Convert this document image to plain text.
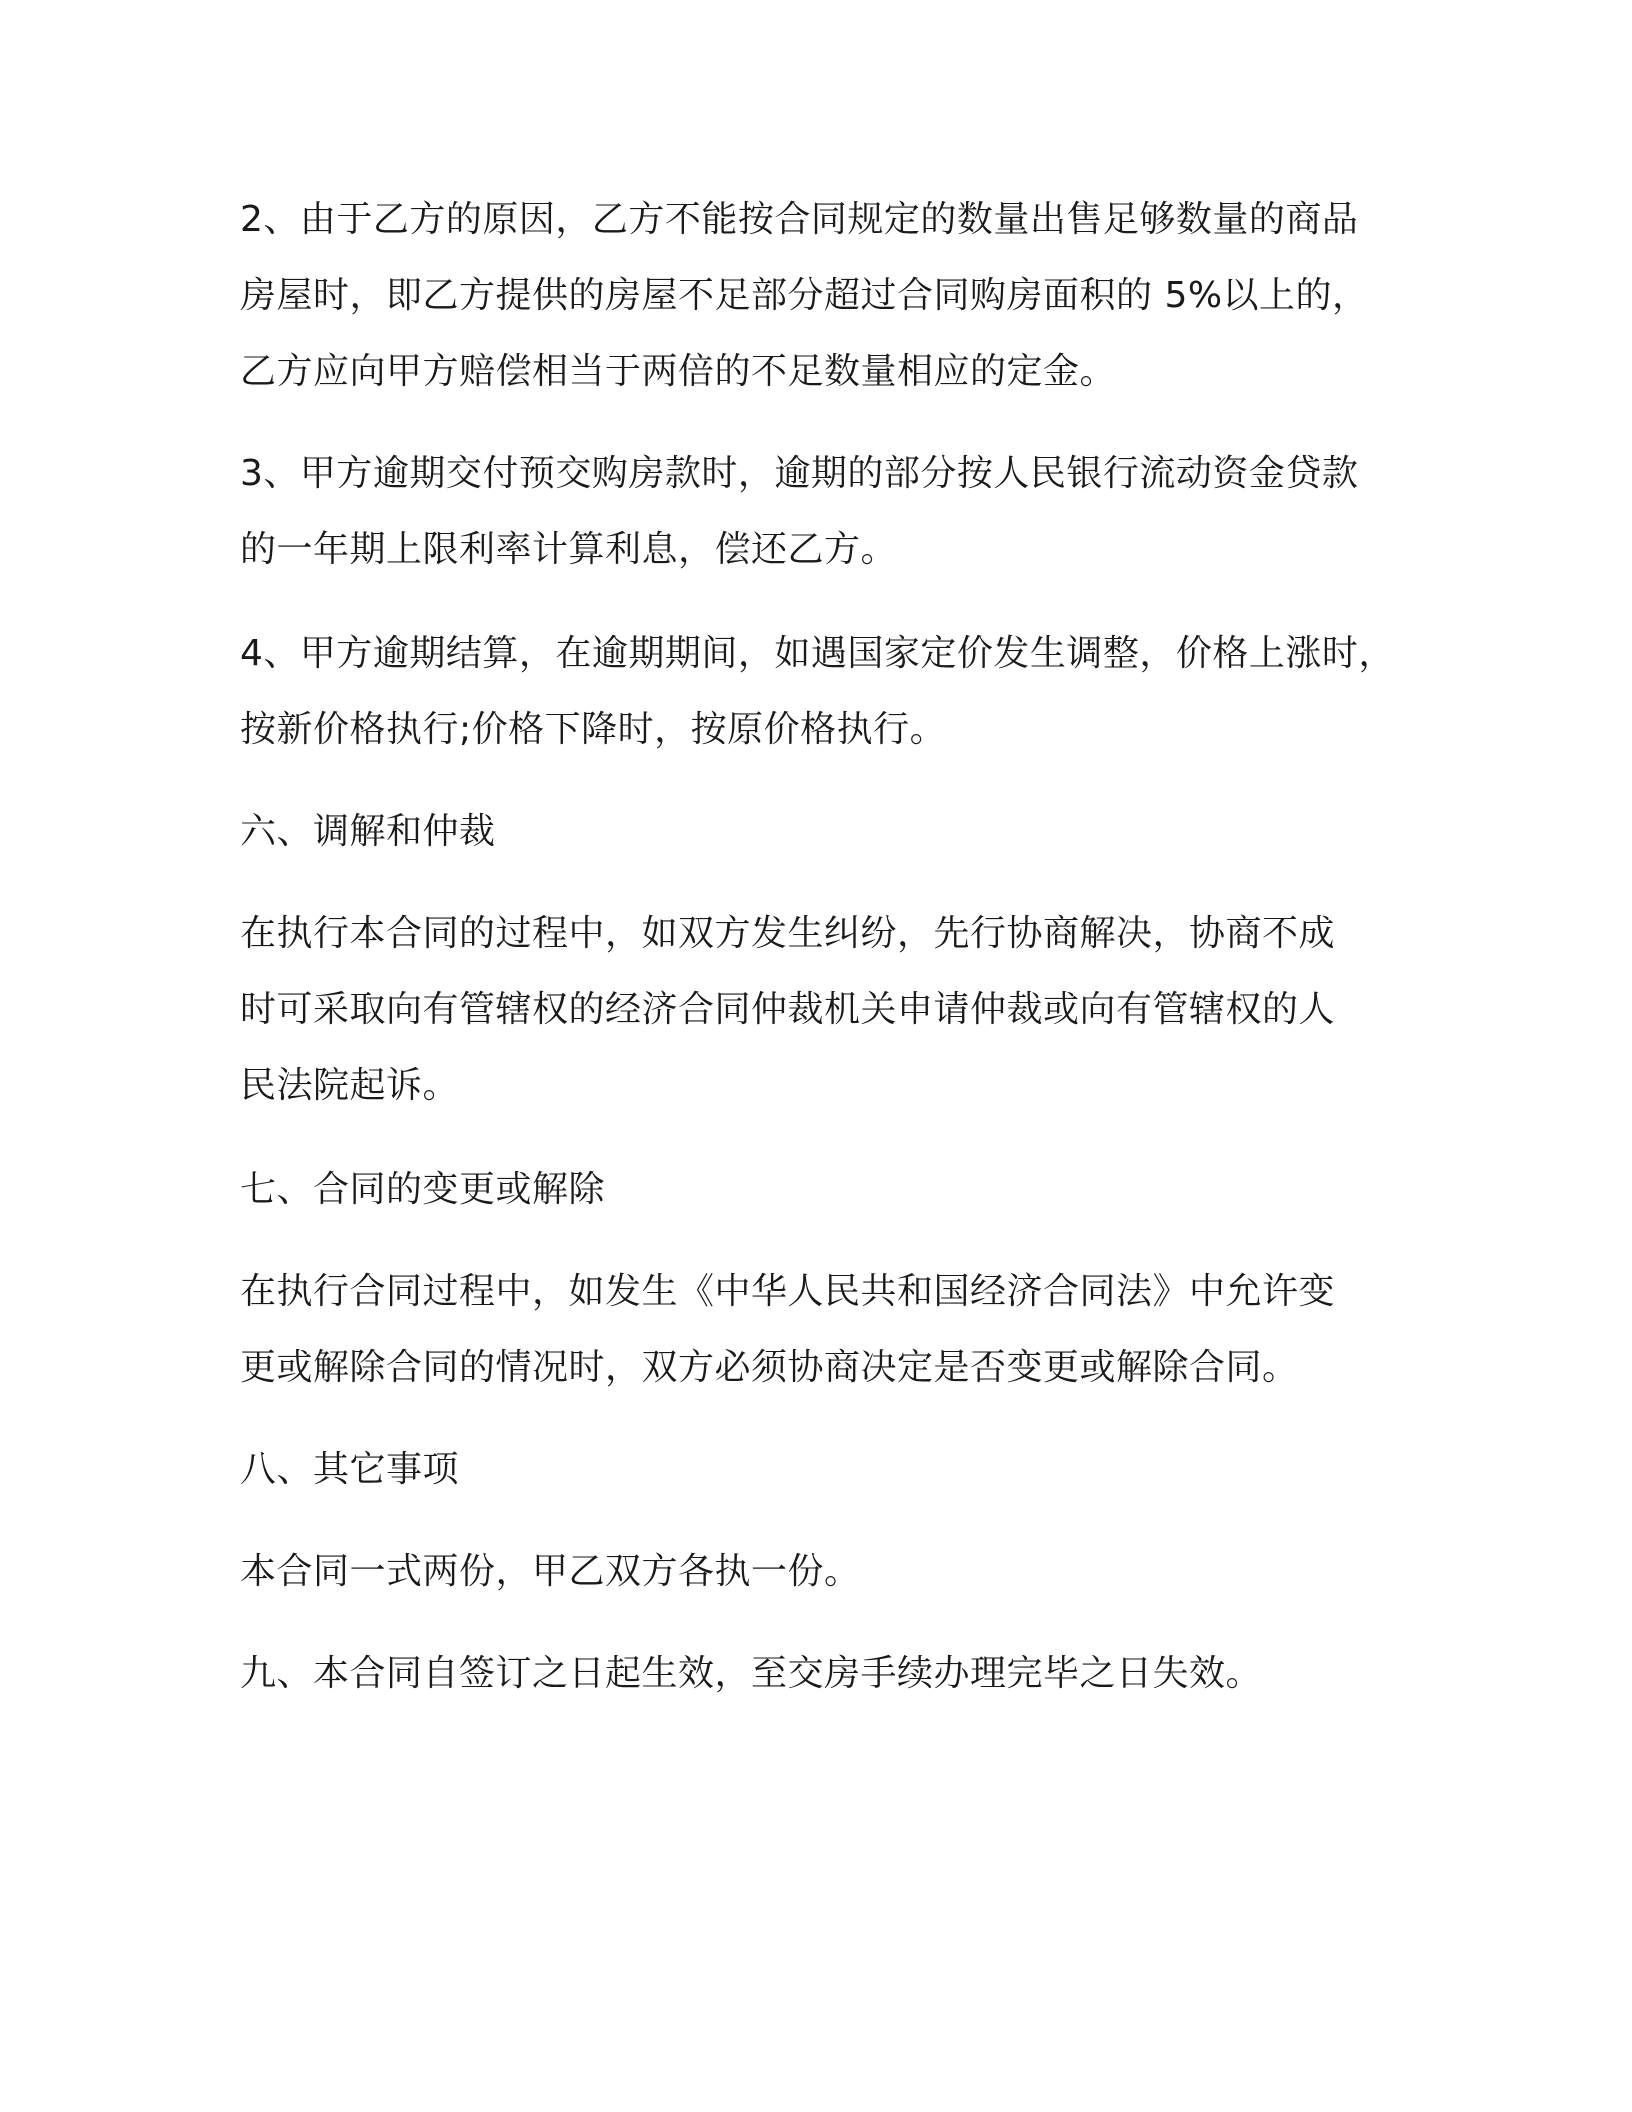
2、由于乙方的原因，乙方不能按合同规定的数量出售足够数量的商品

房屋时，即乙方提供的房屋不足部分超过合同购房面积的 5%以上的，

乙方应向甲方赔偿相当于两倍的不足数量相应的定金。

3、甲方逾期交付预交购房款时，逾期的部分按人民银行流动资金贷款

的一年期上限利率计算利息，偿还乙方。

4、甲方逾期结算，在逾期期间，如遇国家定价发生调整，价格上涨时，

按新价格执行;价格下降时，按原价格执行。

六、调解和仲裁

在执行本合同的过程中，如双方发生纠纷，先行协商解决，协商不成

时可采取向有管辖权的经济合同仲裁机关申请仲裁或向有管辖权的人

民法院起诉。

七、合同的变更或解除

在执行合同过程中，如发生《中华人民共和国经济合同法》中允许变

更或解除合同的情况时，双方必须协商决定是否变更或解除合同。

八、其它事项

本合同一式两份，甲乙双方各执一份。

九、本合同自签订之日起生效，至交房手续办理完毕之日失效。
